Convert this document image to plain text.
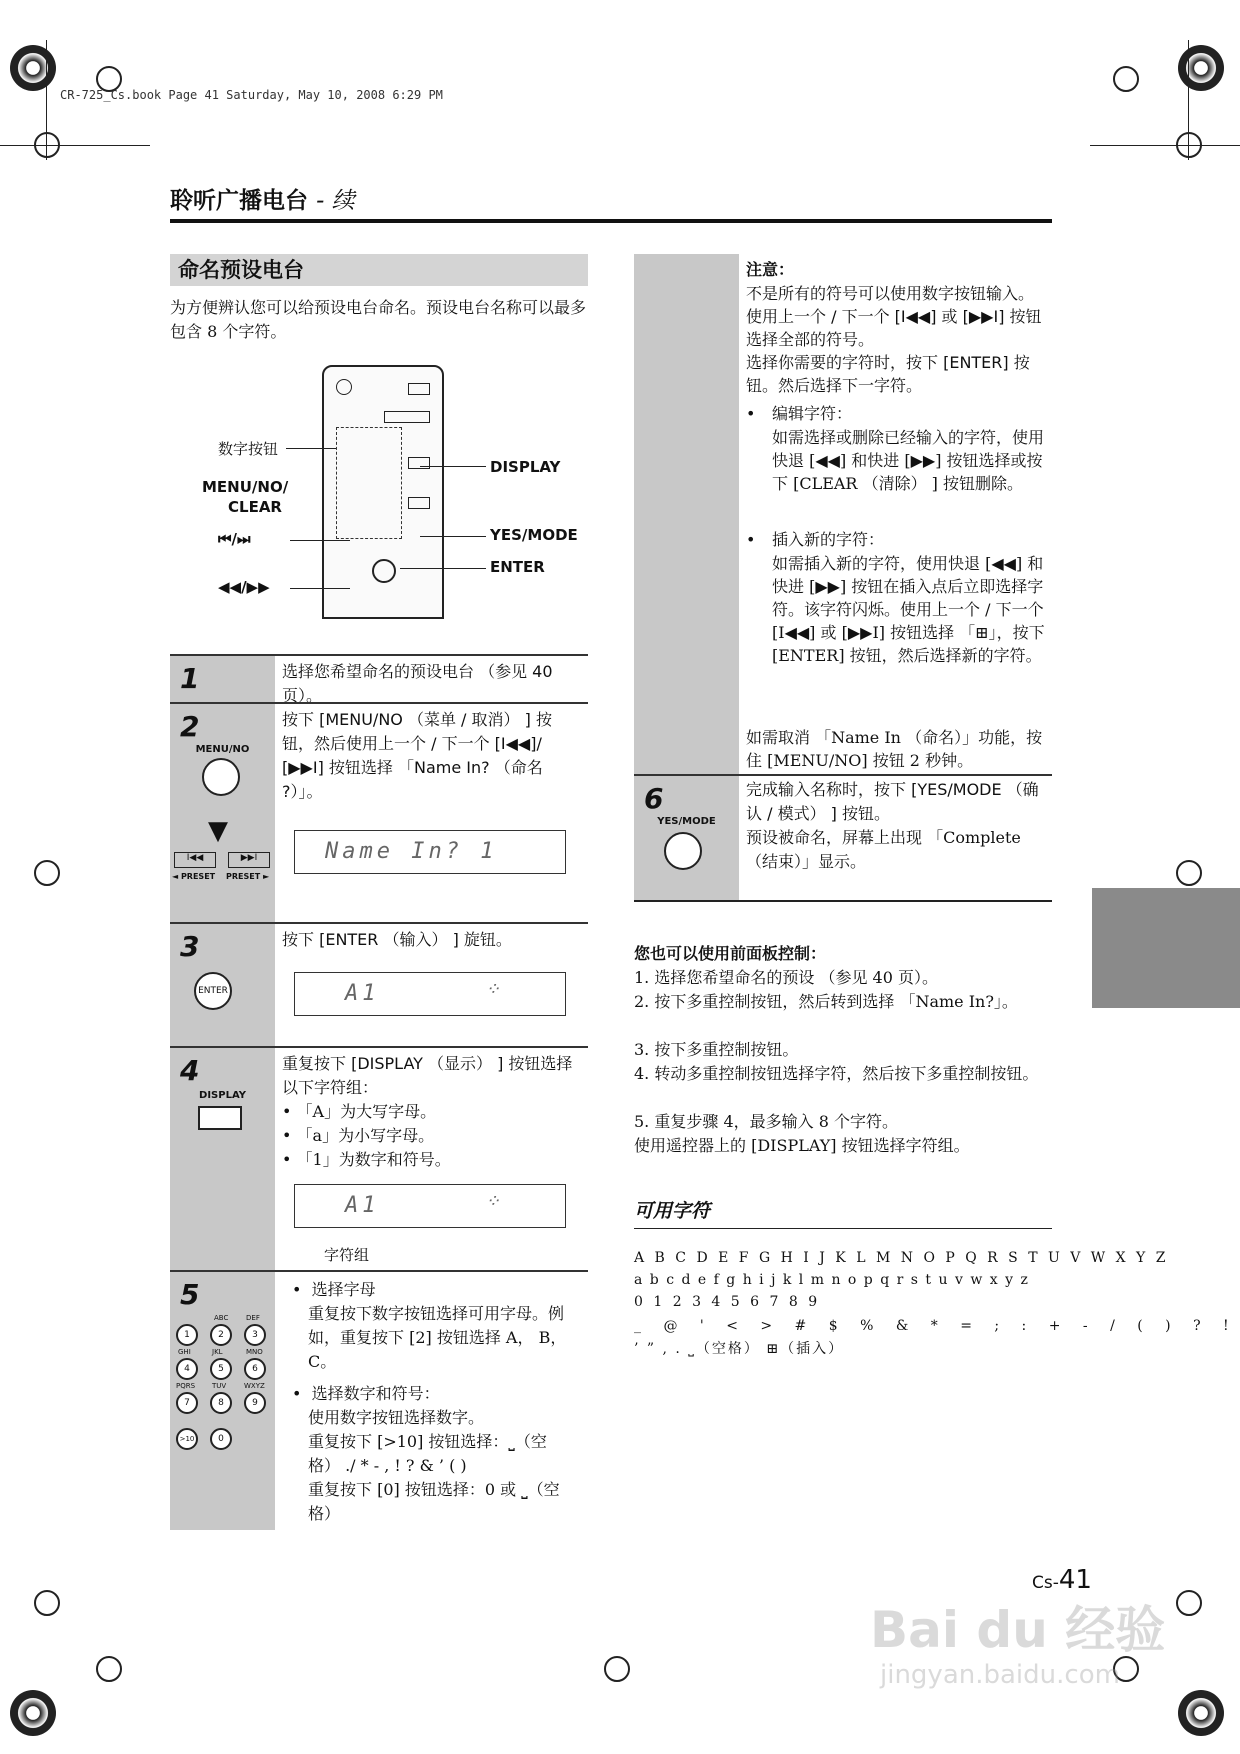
CR-725_Cs.book Page 41 Saturday, May 10, 2008 6:29 PM
聆听广播电台 - 续
命名预设电台
为方便辨认您可以给预设电台命名。预设电台名称可以最多包含 8 个字符。
数字按钮
MENU/NO/
CLEAR
⏮/⏭
◀◀/▶▶
DISPLAY
YES/MODE
ENTER
1	选择您希望命名的预设电台 （参见 40 页）。
2
MENU/NO
▼
I◀◀	▶▶I
◄ PRESET PRESET ►
按下 [MENU/NO （菜单 / 取消） ] 按钮，然后使用上一个 / 下一个 [I◀◀]/ [▶▶I] 按钮选择 「Name In? （命名 ?）」。
Name In? 1
3
ENTER
按下 [ENTER （输入） ] 旋钮。
A1	⁘
4
DISPLAY
重复按下 [DISPLAY （显示） ] 按钮选择以下字符组：
• 「A」为大写字母。
• 「a」为小写字母。
• 「1」为数字和符号。
A1	⁘
字符组
5
ABC	DEF
1	2	3
GHI	JKL	MNO
4	5	6
PQRS TUV	WXYZ
7	8	9
>10	0
•  选择字母
重复按下数字按钮选择可用字母。例如，重复按下 [2] 按钮选择 A， B， C。
•  选择数字和符号：
使用数字按钮选择数字。
重复按下 [>10] 按钮选择：⎵（空格） ./ * - , ! ? & ’ ( )
重复按下 [0] 按钮选择：0 或 ⎵（空格）
注意：
不是所有的符号可以使用数字按钮输入。使用上一个 / 下一个 [I◀◀] 或 [▶▶I] 按钮选择全部的符号。
选择你需要的字符时，按下 [ENTER] 按钮。然后选择下一字符。
• 编辑字符：
如需选择或删除已经输入的字符，使用快退 [◀◀] 和快进 [▶▶] 按钮选择或按下 [CLEAR （清除） ] 按钮删除。
• 插入新的字符：
如需插入新的字符，使用快退 [◀◀] 和快进 [▶▶] 按钮在插入点后立即选择字符。该字符闪烁。使用上一个 / 下一个 [I◀◀] 或 [▶▶I] 按钮选择 「⊞」，按下 [ENTER] 按钮，然后选择新的字符。
如需取消 「Name In （命名）」功能，按住 [MENU/NO] 按钮 2 秒钟。
6
YES/MODE
完成输入名称时，按下 [YES/MODE （确认 / 模式） ] 按钮。
预设被命名，屏幕上出现 「Complete （结束）」显示。
您也可以使用前面板控制：
1. 选择您希望命名的预设 （参见 40 页）。
2. 按下多重控制按钮，然后转到选择 「Name In?」。
3. 按下多重控制按钮。
4. 转动多重控制按钮选择字符，然后按下多重控制按钮。
5. 重复步骤 4，最多输入 8 个字符。
使用遥控器上的 [DISPLAY] 按钮选择字符组。
可用字符
A B C D E F G H I J K L M N O P Q R S T U V W X Y Z
a b c d e f g h i j k l m n o p q r s t u v w x y z
0 1 2 3 4 5 6 7 8 9
_ @ ' < > # $ % & * = ; : + - / ( ) ? !
’ ” , . ⎵（空格） ⊞（插入）
Cs-41
Bai du 经验
jingyan.baidu.com
